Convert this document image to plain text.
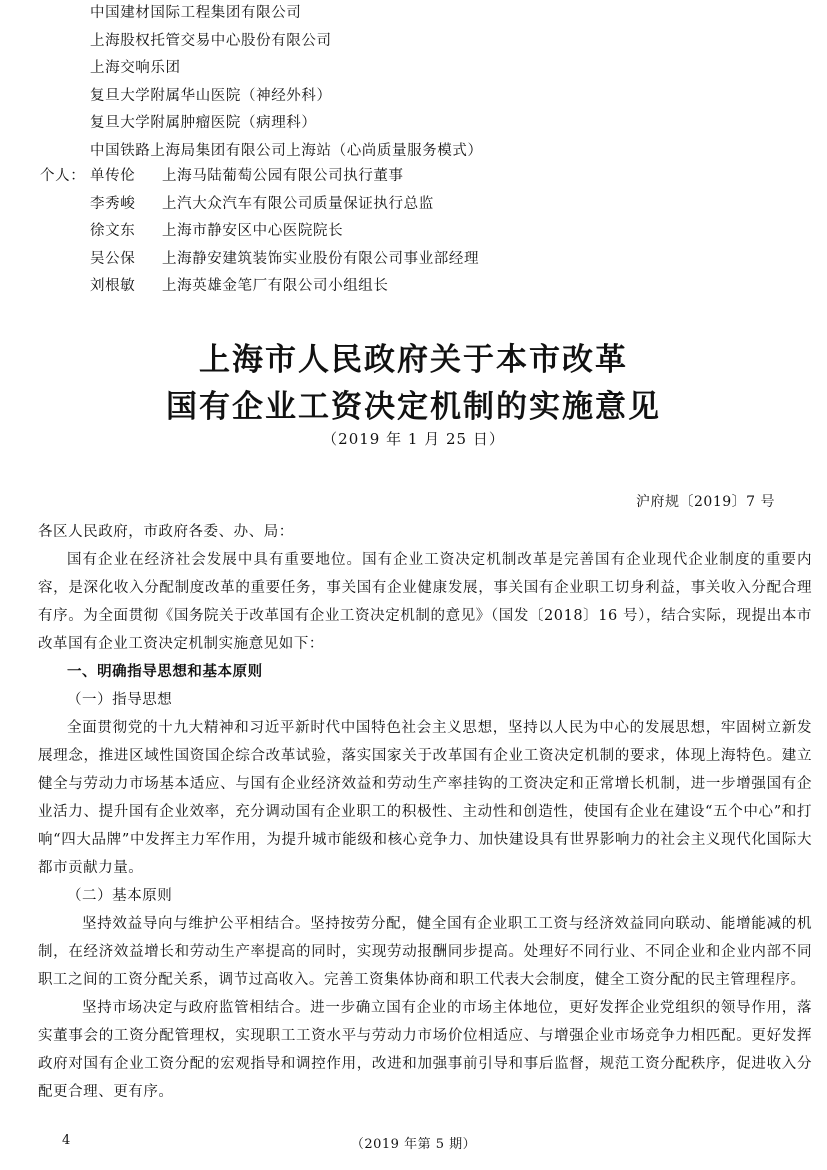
中国建材国际工程集团有限公司
上海股权托管交易中心股份有限公司
上海交响乐团
复旦大学附属华山医院（神经外科）
复旦大学附属肿瘤医院（病理科）
中国铁路上海局集团有限公司上海站（心尚质量服务模式）
个人： 单传伦	上海马陆葡萄公园有限公司执行董事
李秀峻	上汽大众汽车有限公司质量保证执行总监
徐文东	上海市静安区中心医院院长
吴公保	上海静安建筑装饰实业股份有限公司事业部经理
刘根敏	上海英雄金笔厂有限公司小组组长
上海市人民政府关于本市改革
国有企业工资决定机制的实施意见
（2019 年 1 月 25 日）
沪府规〔2019〕7 号

各区人民政府，市政府各委、办、局：

国有企业在经济社会发展中具有重要地位。国有企业工资决定机制改革是完善国有企业现代企业制度的重要内容，是深化收入分配制度改革的重要任务，事关国有企业健康发展，事关国有企业职工切身利益，事关收入分配合理有序。为全面贯彻《国务院关于改革国有企业工资决定机制的意见》（国发〔2018〕16 号），结合实际，现提出本市改革国有企业工资决定机制实施意见如下：

一、明确指导思想和基本原则

（一）指导思想

全面贯彻党的十九大精神和习近平新时代中国特色社会主义思想，坚持以人民为中心的发展思想，牢固树立新发展理念，推进区域性国资国企综合改革试验，落实国家关于改革国有企业工资决定机制的要求，体现上海特色。建立健全与劳动力市场基本适应、与国有企业经济效益和劳动生产率挂钩的工资决定和正常增长机制，进一步增强国有企业活力、提升国有企业效率，充分调动国有企业职工的积极性、主动性和创造性，使国有企业在建设“五个中心”和打响“四大品牌”中发挥主力军作用，为提升城市能级和核心竞争力、加快建设具有世界影响力的社会主义现代化国际大都市贡献力量。

（二）基本原则

坚持效益导向与维护公平相结合。坚持按劳分配，健全国有企业职工工资与经济效益同向联动、能增能减的机制，在经济效益增长和劳动生产率提高的同时，实现劳动报酬同步提高。处理好不同行业、不同企业和企业内部不同职工之间的工资分配关系，调节过高收入。完善工资集体协商和职工代表大会制度，健全工资分配的民主管理程序。

坚持市场决定与政府监管相结合。进一步确立国有企业的市场主体地位，更好发挥企业党组织的领导作用，落实董事会的工资分配管理权，实现职工工资水平与劳动力市场价位相适应、与增强企业市场竞争力相匹配。更好发挥政府对国有企业工资分配的宏观指导和调控作用，改进和加强事前引导和事后监督，规范工资分配秩序，促进收入分配更合理、更有序。

4	（2019 年第 5 期）
